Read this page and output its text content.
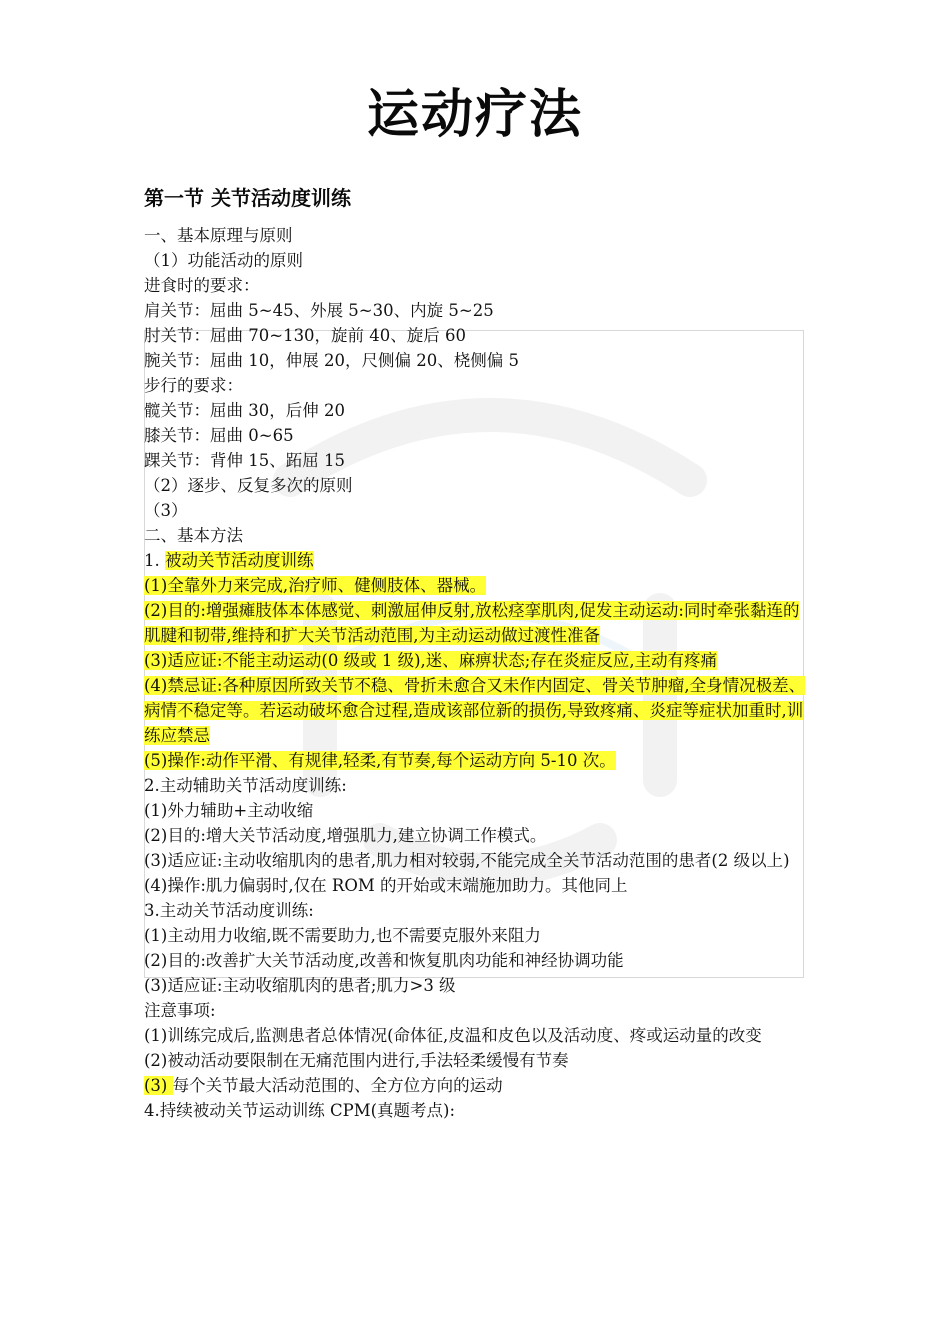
运动疗法
第一节 关节活动度训练
一、基本原理与原则
（1）功能活动的原则
进食时的要求：
肩关节：屈曲 5~45、外展 5~30、内旋 5~25
肘关节：屈曲 70~130，旋前 40、旋后 60
腕关节：屈曲 10，伸展 20，尺侧偏 20、桡侧偏 5
步行的要求：
髋关节：屈曲 30，后伸 20
膝关节：屈曲 0~65
踝关节：背伸 15、跖屈 15
（2）逐步、反复多次的原则
（3）
二、基本方法
1. 被动关节活动度训练
(1)全靠外力来完成,治疗师、健侧肢体、器械。
(2)目的:增强瘫肢体本体感觉、刺激屈伸反射,放松痉挛肌肉,促发主动运动:同时牵张黏连的肌腱和韧带,维持和扩大关节活动范围,为主动运动做过渡性准备
(3)适应证:不能主动运动(0 级或 1 级),迷、麻痹状态;存在炎症反应,主动有疼痛
(4)禁忌证:各种原因所致关节不稳、骨折未愈合又未作内固定、骨关节肿瘤,全身情况极差、病情不稳定等。若运动破坏愈合过程,造成该部位新的损伤,导致疼痛、炎症等症状加重时,训练应禁忌
(5)操作:动作平滑、有规律,轻柔,有节奏,每个运动方向 5-10 次。
2.主动辅助关节活动度训练:
(1)外力辅助+主动收缩
(2)目的:增大关节活动度,增强肌力,建立协调工作模式。
(3)适应证:主动收缩肌肉的患者,肌力相对较弱,不能完成全关节活动范围的患者(2 级以上)
(4)操作:肌力偏弱时,仅在 ROM 的开始或末端施加助力。其他同上
3.主动关节活动度训练:
(1)主动用力收缩,既不需要助力,也不需要克服外来阻力
(2)目的:改善扩大关节活动度,改善和恢复肌肉功能和神经协调功能
(3)适应证:主动收缩肌肉的患者;肌力>3 级
注意事项:
(1)训练完成后,监测患者总体情况(命体征,皮温和皮色以及活动度、疼或运动量的改变
(2)被动活动要限制在无痛范围内进行,手法轻柔缓慢有节奏
(3) 每个关节最大活动范围的、全方位方向的运动
4.持续被动关节运动训练 CPM(真题考点):
